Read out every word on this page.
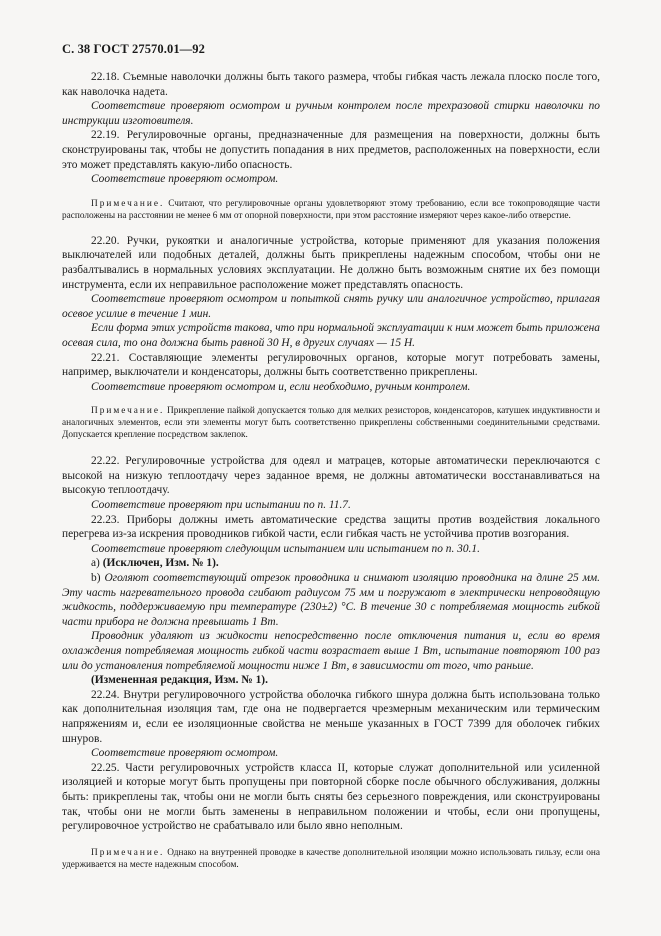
С. 38 ГОСТ 27570.01—92

22.18. Съемные наволочки должны быть такого размера, чтобы гибкая часть лежала плоско после того, как наволочка надета.

Соответствие проверяют осмотром и ручным контролем после трехразовой стирки наволочки по инструкции изготовителя.

22.19. Регулировочные органы, предназначенные для размещения на поверхности, должны быть сконструированы так, чтобы не допустить попадания в них предметов, расположенных на поверхности, если это может представлять какую-либо опасность.

Соответствие проверяют осмотром.

Примечание. Считают, что регулировочные органы удовлетворяют этому требованию, если все токопроводящие части расположены на расстоянии не менее 6 мм от опорной поверхности, при этом расстояние измеряют через какое-либо отверстие.

22.20. Ручки, рукоятки и аналогичные устройства, которые применяют для указания положения выключателей или подобных деталей, должны быть прикреплены надежным способом, чтобы они не разбалтывались в нормальных условиях эксплуатации. Не должно быть возможным снятие их без помощи инструмента, если их неправильное расположение может представлять опасность.

Соответствие проверяют осмотром и попыткой снять ручку или аналогичное устройство, прилагая осевое усилие в течение 1 мин.

Если форма этих устройств такова, что при нормальной эксплуатации к ним может быть приложена осевая сила, то она должна быть равной 30 Н, в других случаях — 15 Н.

22.21. Составляющие элементы регулировочных органов, которые могут потребовать замены, например, выключатели и конденсаторы, должны быть соответственно прикреплены.

Соответствие проверяют осмотром и, если необходимо, ручным контролем.

Примечание. Прикрепление пайкой допускается только для мелких резисторов, конденсаторов, катушек индуктивности и аналогичных элементов, если эти элементы могут быть соответственно прикреплены собственными соединительными средствами. Допускается крепление посредством заклепок.

22.22. Регулировочные устройства для одеял и матрацев, которые автоматически переключаются с высокой на низкую теплоотдачу через заданное время, не должны автоматически восстанавливаться на высокую теплоотдачу.

Соответствие проверяют при испытании по п. 11.7.

22.23. Приборы должны иметь автоматические средства защиты против воздействия локального перегрева из-за искрения проводников гибкой части, если гибкая часть не устойчива против возгорания.

Соответствие проверяют следующим испытанием или испытанием по п. 30.1.

а) (Исключен, Изм. № 1).

b) Оголяют соответствующий отрезок проводника и снимают изоляцию проводника на длине 25 мм. Эту часть нагревательного провода сгибают радиусом 75 мм и погружают в электрически непроводящую жидкость, поддерживаемую при температуре (230±2) °С. В течение 30 с потребляемая мощность гибкой части прибора не должна превышать 1 Вт.

Проводник удаляют из жидкости непосредственно после отключения питания и, если во время охлаждения потребляемая мощность гибкой части возрастает выше 1 Вт, испытание повторяют 100 раз или до установления потребляемой мощности ниже 1 Вт, в зависимости от того, что раньше.

(Измененная редакция, Изм. № 1).

22.24. Внутри регулировочного устройства оболочка гибкого шнура должна быть использована только как дополнительная изоляция там, где она не подвергается чрезмерным механическим или термическим напряжениям и, если ее изоляционные свойства не меньше указанных в ГОСТ 7399 для оболочек гибких шнуров.

Соответствие проверяют осмотром.

22.25. Части регулировочных устройств класса II, которые служат дополнительной или усиленной изоляцией и которые могут быть пропущены при повторной сборке после обычного обслуживания, должны быть: прикреплены так, чтобы они не могли быть сняты без серьезного повреждения, или сконструированы так, чтобы они не могли быть заменены в неправильном положении и чтобы, если они пропущены, регулировочное устройство не срабатывало или было явно неполным.

Примечание. Однако на внутренней проводке в качестве дополнительной изоляции можно использовать гильзу, если она удерживается на месте надежным способом.
